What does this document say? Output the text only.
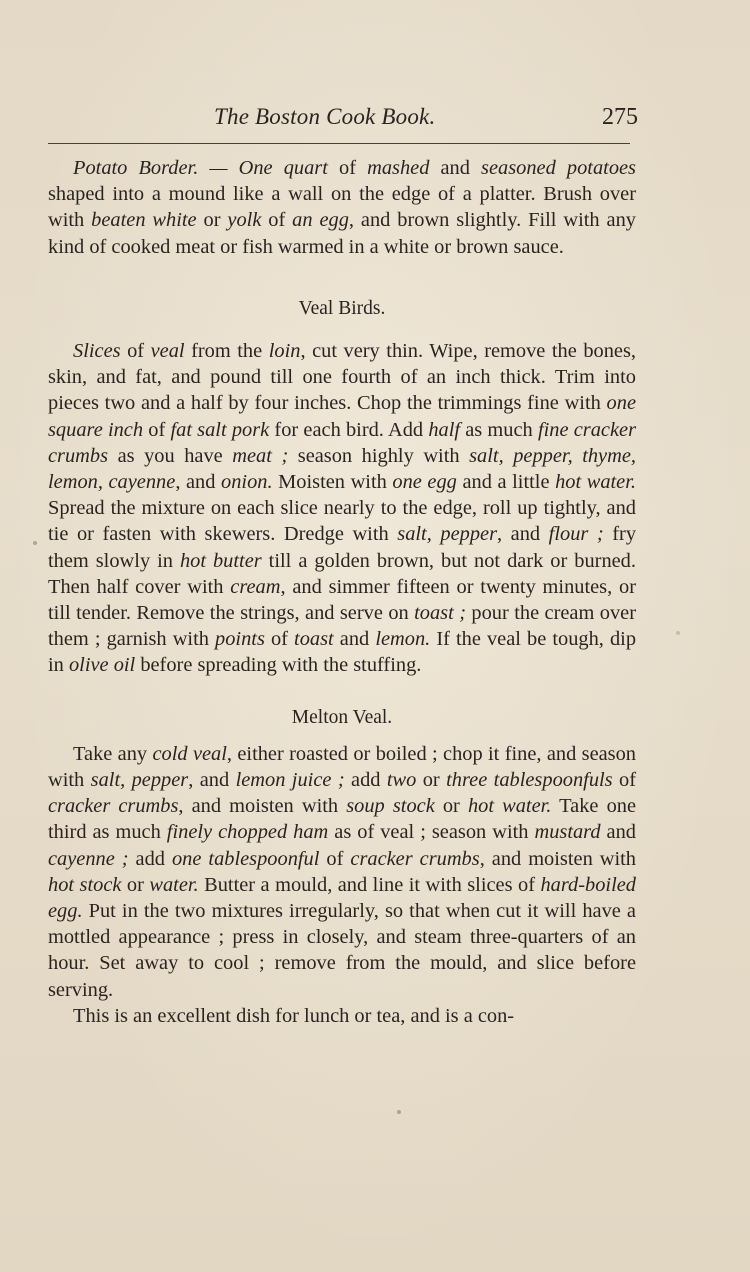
The Boston Cook Book.	275

Potato Border. — One quart of mashed and seasoned potatoes shaped into a mound like a wall on the edge of a platter. Brush over with beaten white or yolk of an egg, and brown slightly. Fill with any kind of cooked meat or fish warmed in a white or brown sauce.

Veal Birds.

Slices of veal from the loin, cut very thin. Wipe, remove the bones, skin, and fat, and pound till one fourth of an inch thick. Trim into pieces two and a half by four inches. Chop the trimmings fine with one square inch of fat salt pork for each bird. Add half as much fine cracker crumbs as you have meat ; season highly with salt, pepper, thyme, lemon, cayenne, and onion. Moisten with one egg and a little hot water. Spread the mixture on each slice nearly to the edge, roll up tightly, and tie or fasten with skewers. Dredge with salt, pepper, and flour ; fry them slowly in hot butter till a golden brown, but not dark or burned. Then half cover with cream, and simmer fifteen or twenty minutes, or till tender. Remove the strings, and serve on toast ; pour the cream over them ; garnish with points of toast and lemon. If the veal be tough, dip in olive oil before spreading with the stuffing.

Melton Veal.

Take any cold veal, either roasted or boiled ; chop it fine, and season with salt, pepper, and lemon juice ; add two or three tablespoonfuls of cracker crumbs, and moisten with soup stock or hot water. Take one third as much finely chopped ham as of veal ; season with mustard and cayenne ; add one tablespoonful of cracker crumbs, and moisten with hot stock or water. Butter a mould, and line it with slices of hard-boiled egg. Put in the two mixtures irregularly, so that when cut it will have a mottled appearance ; press in closely, and steam three-quarters of an hour. Set away to cool ; remove from the mould, and slice before serving.

This is an excellent dish for lunch or tea, and is a con-
